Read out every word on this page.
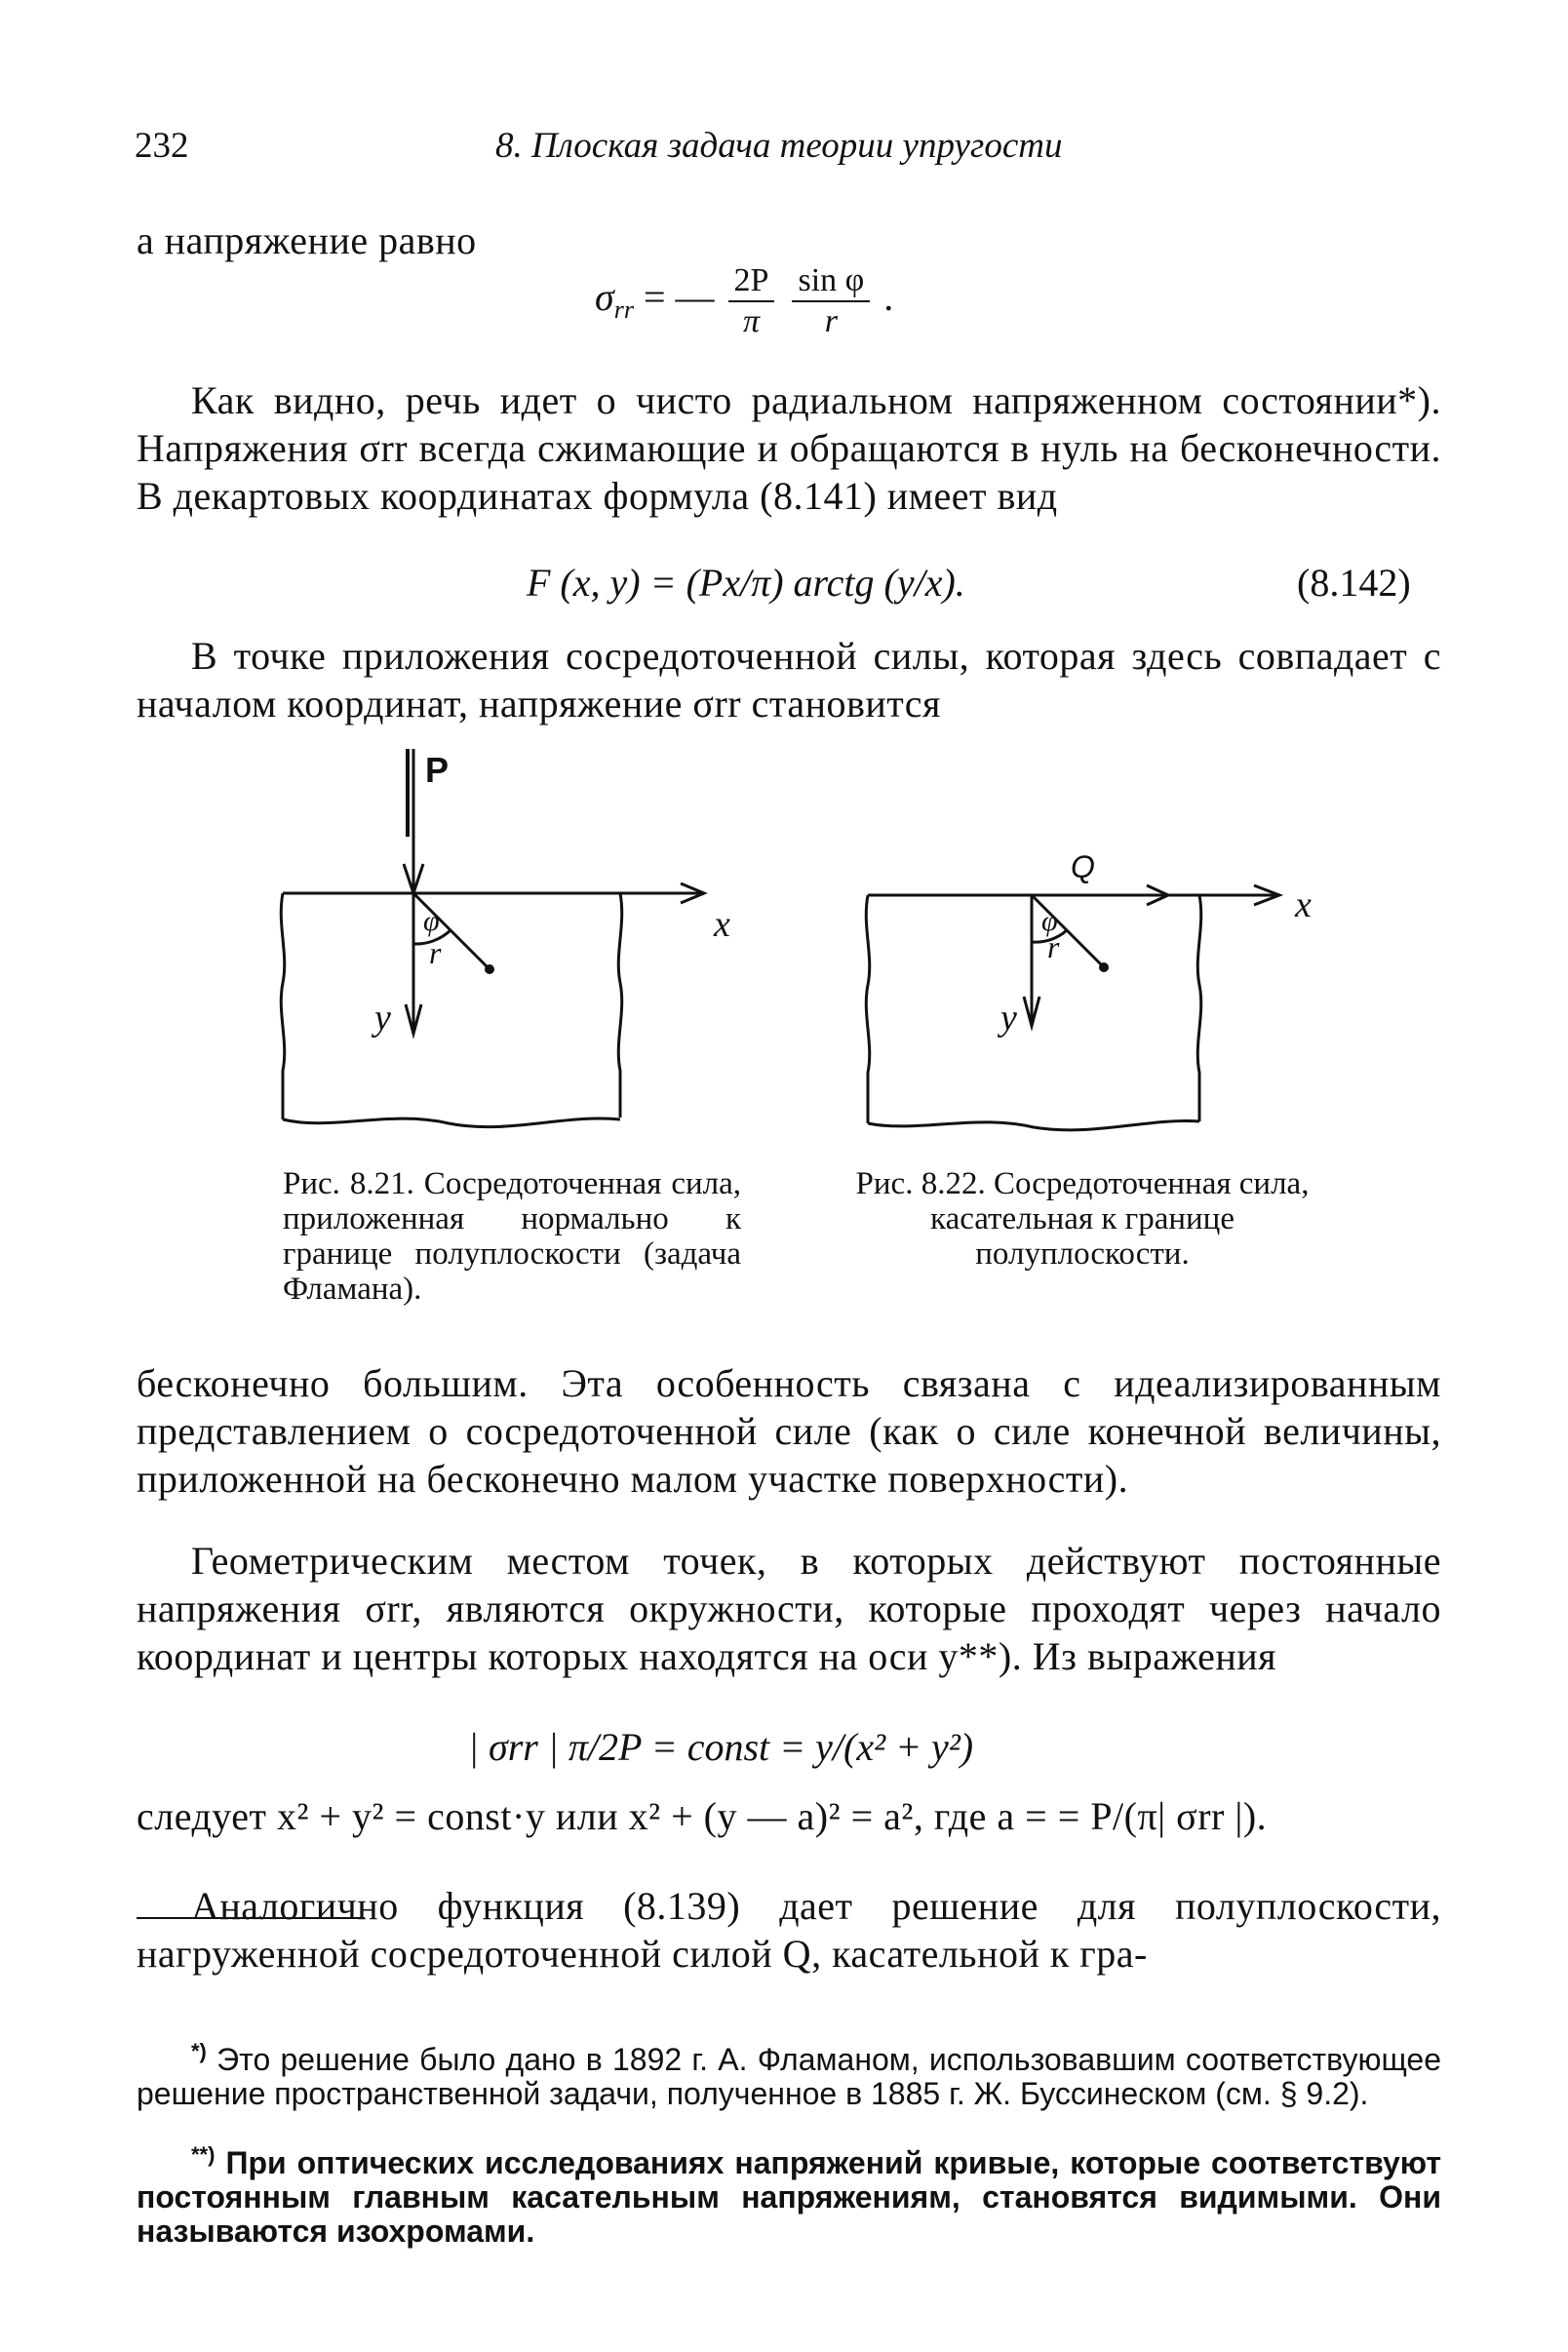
232	8. Плоская задача теории упругости
а напряжение равно
$\sigma_{rr}$ = — $\frac{2P}{\pi}$
$\frac{\text{sin φ}}{r}$ .
Как видно, речь идет о чисто радиальном напряженном состоянии*). Напряжения σrr всегда сжимающие и обращаются в нуль на бесконечности. В декартовых координатах формула (8.141) имеет вид
F (x, y) = (Px/π) arctg (y/x).	(8.142)
В точке приложения сосредоточенной силы, которая здесь совпадает с началом координат, напряжение σrr становится
P
x
y
φ
r
Q
x
y
φ
r
Рис. 8.21. Сосредоточенная сила, приложенная нормально к границе полуплоскости (задача Фламана).
Рис. 8.22. Сосредоточенная сила, касательная к границе полуплоскости.
бесконечно большим. Эта особенность связана с идеализированным представлением о сосредоточенной силе (как о силе конечной величины, приложенной на бесконечно малом участке поверхности).
Геометрическим местом точек, в которых действуют постоянные напряжения σrr, являются окружности, которые проходят через начало координат и центры которых находятся на оси y**). Из выражения
| σrr | π/2P = const = y/(x² + y²)
следует x² + y² = const·y или x² + (y — a)² = a², где a = = P/(π| σrr |).
Аналогично функция (8.139) дает решение для полуплоскости, нагруженной сосредоточенной силой Q, касательной к гра-
*) Это решение было дано в 1892 г. А. Фламаном, использовавшим соответствующее решение пространственной задачи, полученное в 1885 г. Ж. Буссинеском (см. § 9.2).
**) При оптических исследованиях напряжений кривые, которые соответствуют постоянным главным касательным напряжениям, становятся видимыми. Они называются изохромами.
